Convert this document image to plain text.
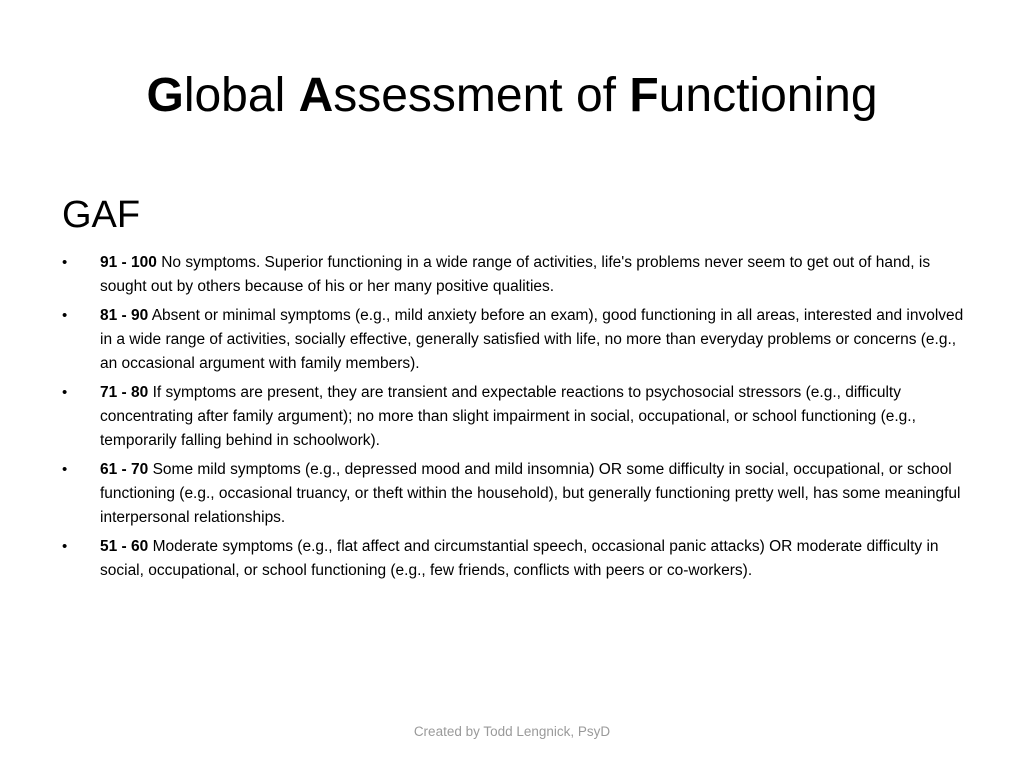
Global Assessment of Functioning
GAF
•	91 - 100 No symptoms. Superior functioning in a wide range of activities, life's problems never seem to get out of hand, is sought out by others because of his or her many positive qualities.
•	81 - 90 Absent or minimal symptoms (e.g., mild anxiety before an exam), good functioning in all areas, interested and involved in a wide range of activities, socially effective, generally satisfied with life, no more than everyday problems or concerns (e.g., an occasional argument with family members).
•	71 - 80 If symptoms are present, they are transient and expectable reactions to psychosocial stressors (e.g., difficulty concentrating after family argument); no more than slight impairment in social, occupational, or school functioning (e.g., temporarily falling behind in schoolwork).
•	61 - 70 Some mild symptoms (e.g., depressed mood and mild insomnia) OR some difficulty in social, occupational, or school functioning (e.g., occasional truancy, or theft within the household), but generally functioning pretty well, has some meaningful interpersonal relationships.
•	51 - 60 Moderate symptoms (e.g., flat affect and circumstantial speech, occasional panic attacks) OR moderate difficulty in social, occupational, or school functioning (e.g., few friends, conflicts with peers or co-workers).
Created by Todd Lengnick, PsyD
